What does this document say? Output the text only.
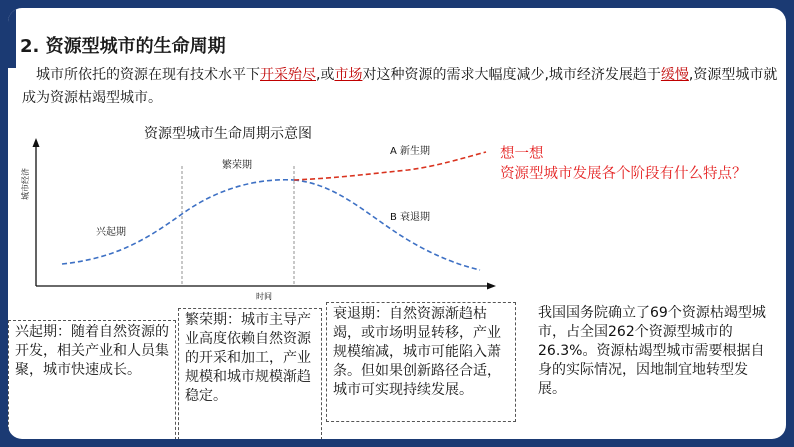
2. 资源型城市的生命周期
城市所依托的资源在现有技术水平下开采殆尽,或市场对这种资源的需求大幅度减少,城市经济发展趋于缓慢,资源型城市就成为资源枯竭型城市。
资源型城市生命周期示意图
城市经济
时间
兴起期
繁荣期
A 新生期
B 衰退期
想一想
资源型城市发展各个阶段有什么特点？
兴起期：随着自然资源的开发，相关产业和人员集聚，城市快速成长。
繁荣期：城市主导产业高度依赖自然资源的开采和加工，产业规模和城市规模渐趋稳定。
衰退期：自然资源渐趋枯竭，或市场明显转移，产业规模缩减，城市可能陷入萧条。但如果创新路径合适，城市可实现持续发展。
我国国务院确立了69个资源枯竭型城市，占全国262个资源型城市的26.3%。资源枯竭型城市需要根据自身的实际情况，因地制宜地转型发展。
